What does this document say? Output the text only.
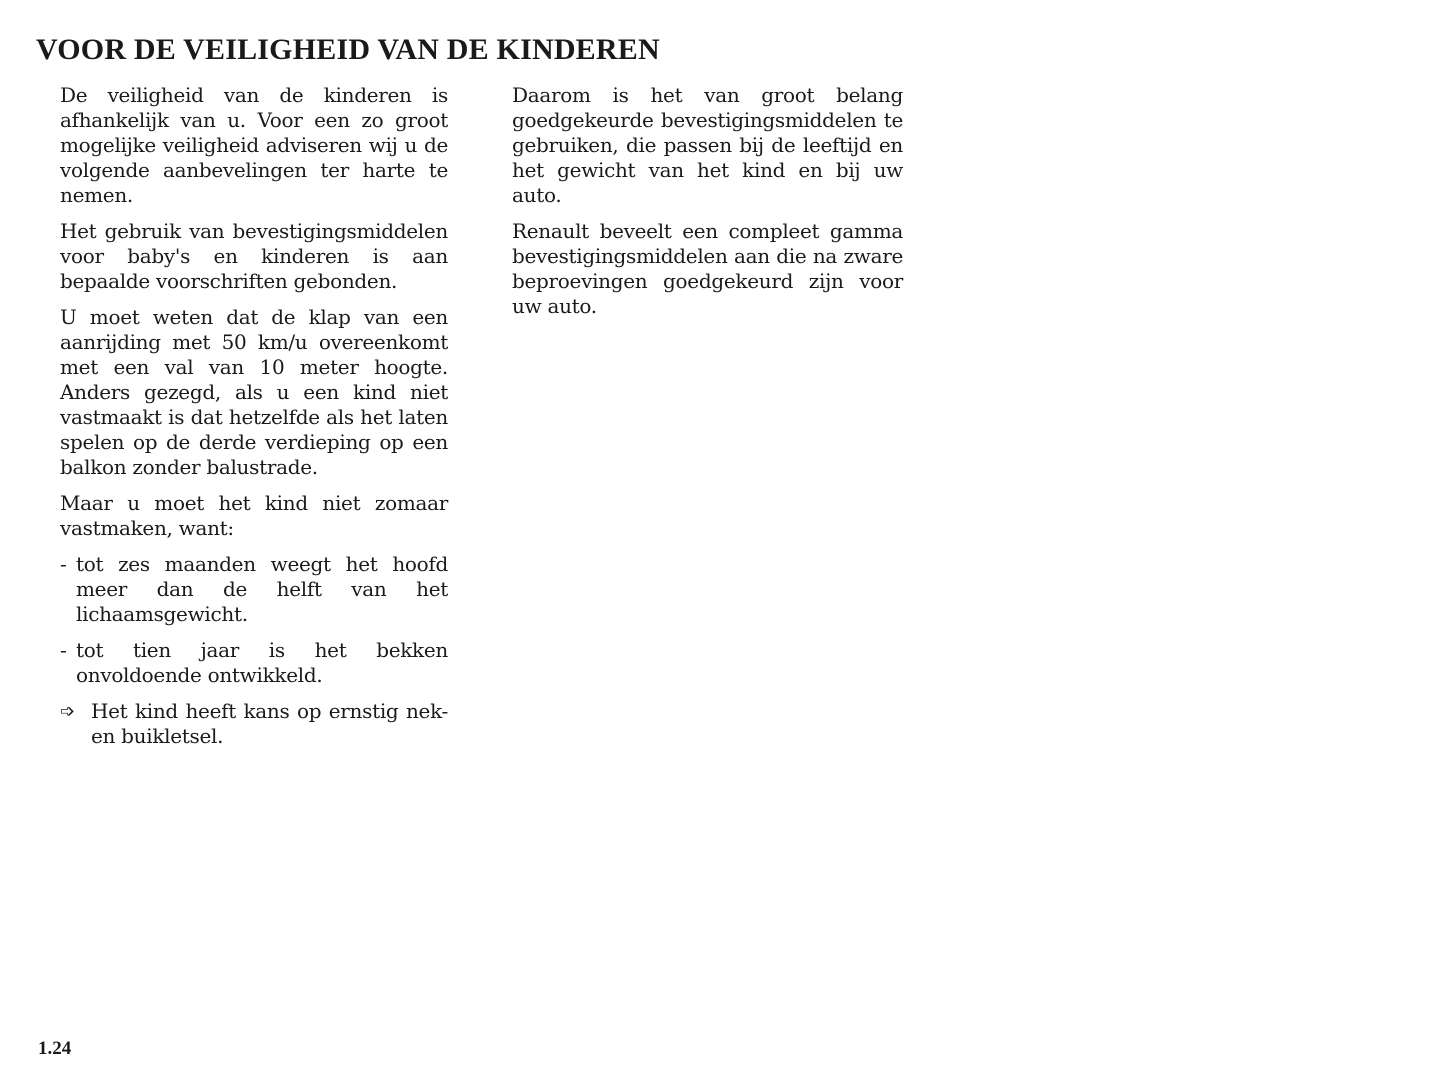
VOOR DE VEILIGHEID VAN DE KINDEREN

De veiligheid van de kinderen is afhankelijk van u. Voor een zo groot mogelijke veiligheid adviseren wij u de volgende aanbevelingen ter harte te nemen.

Het gebruik van bevestigingsmiddelen voor baby's en kinderen is aan bepaalde voorschriften gebonden.

U moet weten dat de klap van een aanrijding met 50 km/u overeenkomt met een val van 10 meter hoogte. Anders gezegd, als u een kind niet vastmaakt is dat hetzelfde als het laten spelen op de derde verdieping op een balkon zonder balustrade.

Maar u moet het kind niet zomaar vastmaken, want:

- tot zes maanden weegt het hoofd meer dan de helft van het lichaamsgewicht.
- tot tien jaar is het bekken onvoldoende ontwikkeld.
➩ Het kind heeft kans op ernstig nek- en buikletsel.

Daarom is het van groot belang goedgekeurde bevestigingsmiddelen te gebruiken, die passen bij de leeftijd en het gewicht van het kind en bij uw auto.

Renault beveelt een compleet gamma bevestigingsmiddelen aan die na zware beproevingen goedgekeurd zijn voor uw auto.

1.24
